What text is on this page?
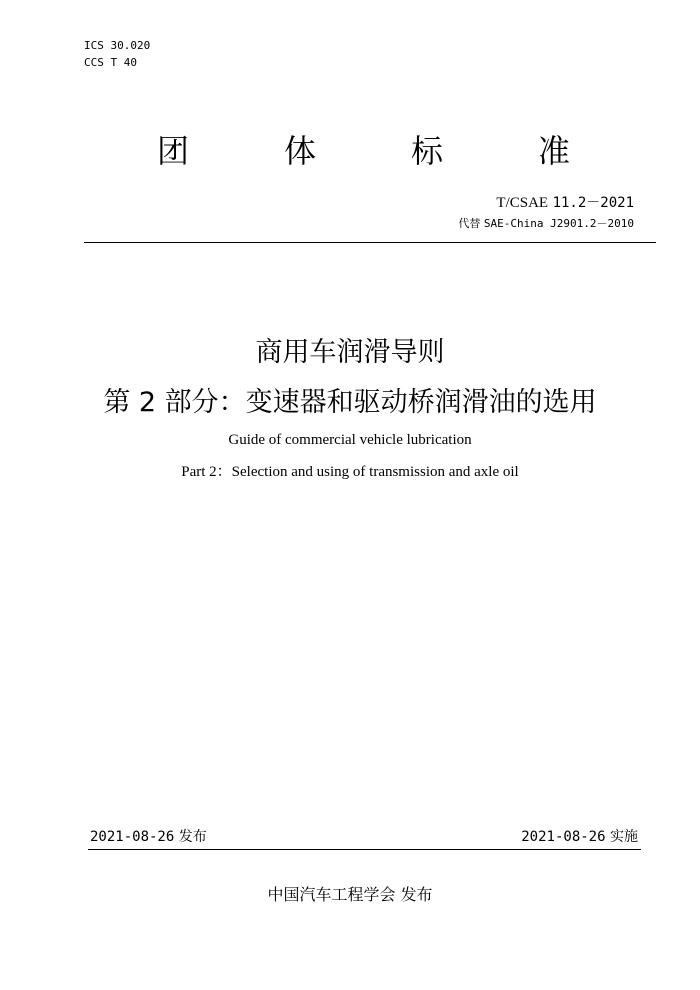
ICS 30.020
CCS T 40
团	体	标	准
T/CSAE 11.2－2021
代替 SAE-China J2901.2－2010
商用车润滑导则
第 2 部分：变速器和驱动桥润滑油的选用
Guide of commercial vehicle lubrication
Part 2：Selection and using of transmission and axle oil
2021-08-26 发布	2021-08-26 实施
中国汽车工程学会 发布
